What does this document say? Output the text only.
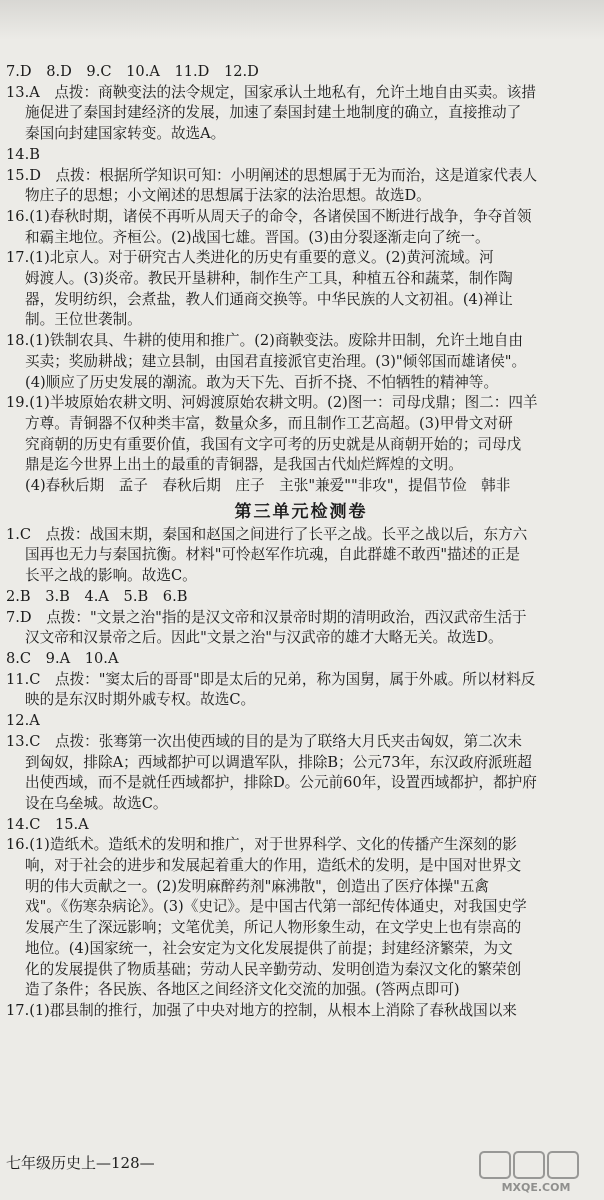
7.D　8.D　9.C　10.A　11.D　12.D
13.A　点拨：商鞅变法的法令规定，国家承认土地私有，允许土地自由买卖。该措
施促进了秦国封建经济的发展，加速了秦国封建土地制度的确立，直接推动了
秦国向封建国家转变。故选A。
14.B
15.D　点拨：根据所学知识可知：小明阐述的思想属于无为而治，这是道家代表人
物庄子的思想；小文阐述的思想属于法家的法治思想。故选D。
16.(1)春秋时期，诸侯不再听从周天子的命令，各诸侯国不断进行战争，争夺首领
和霸主地位。齐桓公。(2)战国七雄。晋国。(3)由分裂逐渐走向了统一。
17.(1)北京人。对于研究古人类进化的历史有重要的意义。(2)黄河流域。河
姆渡人。(3)炎帝。教民开垦耕种，制作生产工具，种植五谷和蔬菜，制作陶
器，发明纺织，会煮盐，教人们通商交换等。中华民族的人文初祖。(4)禅让
制。王位世袭制。
18.(1)铁制农具、牛耕的使用和推广。(2)商鞅变法。废除井田制，允许土地自由
买卖；奖励耕战；建立县制，由国君直接派官吏治理。(3)"倾邻国而雄诸侯"。
(4)顺应了历史发展的潮流。敢为天下先、百折不挠、不怕牺牲的精神等。
19.(1)半坡原始农耕文明、河姆渡原始农耕文明。(2)图一：司母戊鼎；图二：四羊
方尊。青铜器不仅种类丰富，数量众多，而且制作工艺高超。(3)甲骨文对研
究商朝的历史有重要价值，我国有文字可考的历史就是从商朝开始的；司母戊
鼎是迄今世界上出土的最重的青铜器，是我国古代灿烂辉煌的文明。
(4)春秋后期　孟子　春秋后期　庄子　主张"兼爱""非攻"，提倡节俭　韩非
第三单元检测卷
1.C　点拨：战国末期，秦国和赵国之间进行了长平之战。长平之战以后，东方六
国再也无力与秦国抗衡。材料"可怜赵军作坑魂，自此群雄不敢西"描述的正是
长平之战的影响。故选C。
2.B　3.B　4.A　5.B　6.B
7.D　点拨："文景之治"指的是汉文帝和汉景帝时期的清明政治，西汉武帝生活于
汉文帝和汉景帝之后。因此"文景之治"与汉武帝的雄才大略无关。故选D。
8.C　9.A　10.A
11.C　点拨："窦太后的哥哥"即是太后的兄弟，称为国舅，属于外戚。所以材料反
映的是东汉时期外戚专权。故选C。
12.A
13.C　点拨：张骞第一次出使西域的目的是为了联络大月氏夹击匈奴，第二次未
到匈奴，排除A；西域都护可以调遣军队，排除B；公元73年，东汉政府派班超
出使西域，而不是就任西域都护，排除D。公元前60年，设置西域都护，都护府
设在乌垒城。故选C。
14.C　15.A
16.(1)造纸术。造纸术的发明和推广，对于世界科学、文化的传播产生深刻的影
响，对于社会的进步和发展起着重大的作用，造纸术的发明，是中国对世界文
明的伟大贡献之一。(2)发明麻醉药剂"麻沸散"，创造出了医疗体操"五禽
戏"。《伤寒杂病论》。(3)《史记》。是中国古代第一部纪传体通史，对我国史学
发展产生了深远影响；文笔优美，所记人物形象生动，在文学史上也有崇高的
地位。(4)国家统一，社会安定为文化发展提供了前提；封建经济繁荣，为文
化的发展提供了物质基础；劳动人民辛勤劳动、发明创造为秦汉文化的繁荣创
造了条件；各民族、各地区之间经济文化交流的加强。(答两点即可)
17.(1)郡县制的推行，加强了中央对地方的控制，从根本上消除了春秋战国以来
七年级历史上—128—
MXQE.COM
